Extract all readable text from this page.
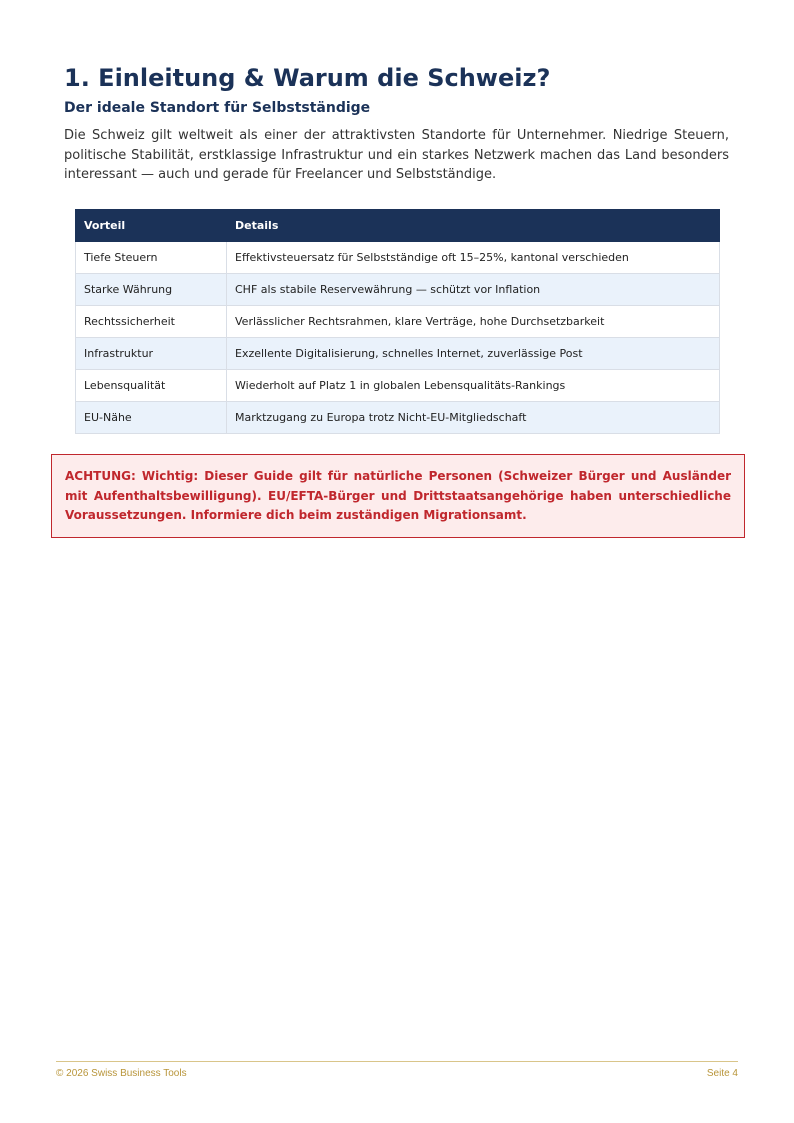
1. Einleitung & Warum die Schweiz?
Der ideale Standort für Selbstständige

Die Schweiz gilt weltweit als einer der attraktivsten Standorte für Unternehmer. Niedrige Steuern, politische Stabilität, erstklassige Infrastruktur und ein starkes Netzwerk machen das Land besonders interessant — auch und gerade für Freelancer und Selbstständige.

Vorteil	Details
Tiefe Steuern	Effektivsteuersatz für Selbstständige oft 15–25%, kantonal verschieden
Starke Währung	CHF als stabile Reservewährung — schützt vor Inflation
Rechtssicherheit	Verlässlicher Rechtsrahmen, klare Verträge, hohe Durchsetzbarkeit
Infrastruktur	Exzellente Digitalisierung, schnelles Internet, zuverlässige Post
Lebensqualität	Wiederholt auf Platz 1 in globalen Lebensqualitäts-Rankings
EU-Nähe	Marktzugang zu Europa trotz Nicht-EU-Mitgliedschaft
ACHTUNG: Wichtig: Dieser Guide gilt für natürliche Personen (Schweizer Bürger und Ausländer mit Aufenthaltsbewilligung). EU/EFTA-Bürger und Drittstaatsangehörige haben unterschiedliche Voraussetzungen. Informiere dich beim zuständigen Migrationsamt.
© 2026 Swiss Business Tools	Seite 4
